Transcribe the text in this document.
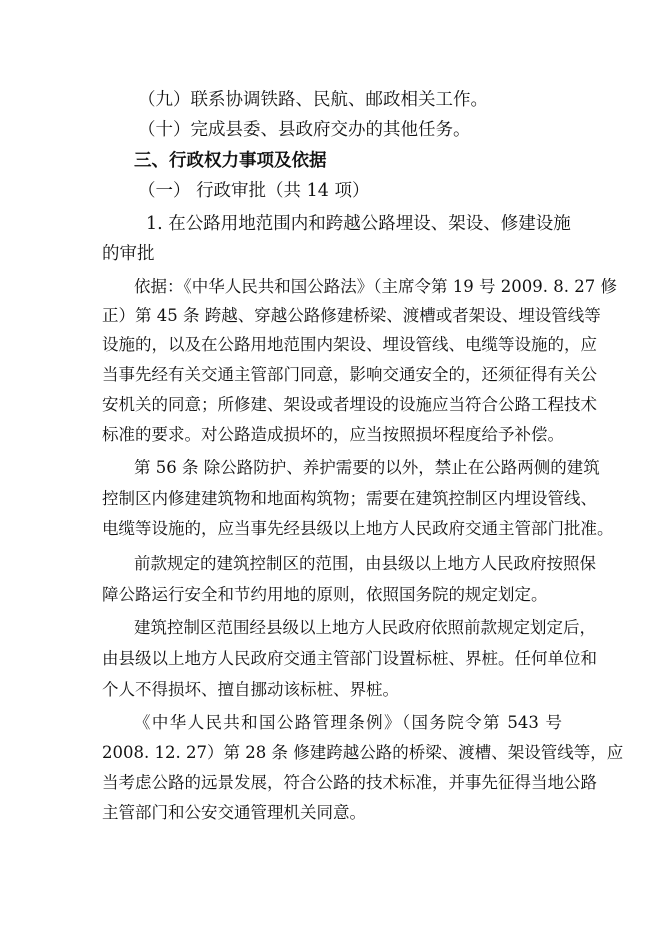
（九）联系协调铁路、民航、邮政相关工作。
（十）完成县委、县政府交办的其他任务。
三、行政权力事项及依据
（一） 行政审批（共 14 项）
1. 在公路用地范围内和跨越公路埋设、架设、修建设施
的审批
依据：《中华人民共和国公路法》（主席令第 19 号 2009. 8. 27 修
正）第 45 条 跨越、穿越公路修建桥梁、渡槽或者架设、埋设管线等
设施的，以及在公路用地范围内架设、埋设管线、电缆等设施的，应
当事先经有关交通主管部门同意，影响交通安全的，还须征得有关公
安机关的同意；所修建、架设或者埋设的设施应当符合公路工程技术
标准的要求。对公路造成损坏的，应当按照损坏程度给予补偿。
第 56 条 除公路防护、养护需要的以外，禁止在公路两侧的建筑
控制区内修建建筑物和地面构筑物；需要在建筑控制区内埋设管线、
电缆等设施的，应当事先经县级以上地方人民政府交通主管部门批准。
前款规定的建筑控制区的范围，由县级以上地方人民政府按照保
障公路运行安全和节约用地的原则，依照国务院的规定划定。
建筑控制区范围经县级以上地方人民政府依照前款规定划定后，
由县级以上地方人民政府交通主管部门设置标桩、界桩。任何单位和
个人不得损坏、擅自挪动该标桩、界桩。
《中华人民共和国公路管理条例》（国务院令第 543 号
2008. 12. 27）第 28 条 修建跨越公路的桥梁、渡槽、架设管线等，应
当考虑公路的远景发展，符合公路的技术标准，并事先征得当地公路
主管部门和公安交通管理机关同意。
